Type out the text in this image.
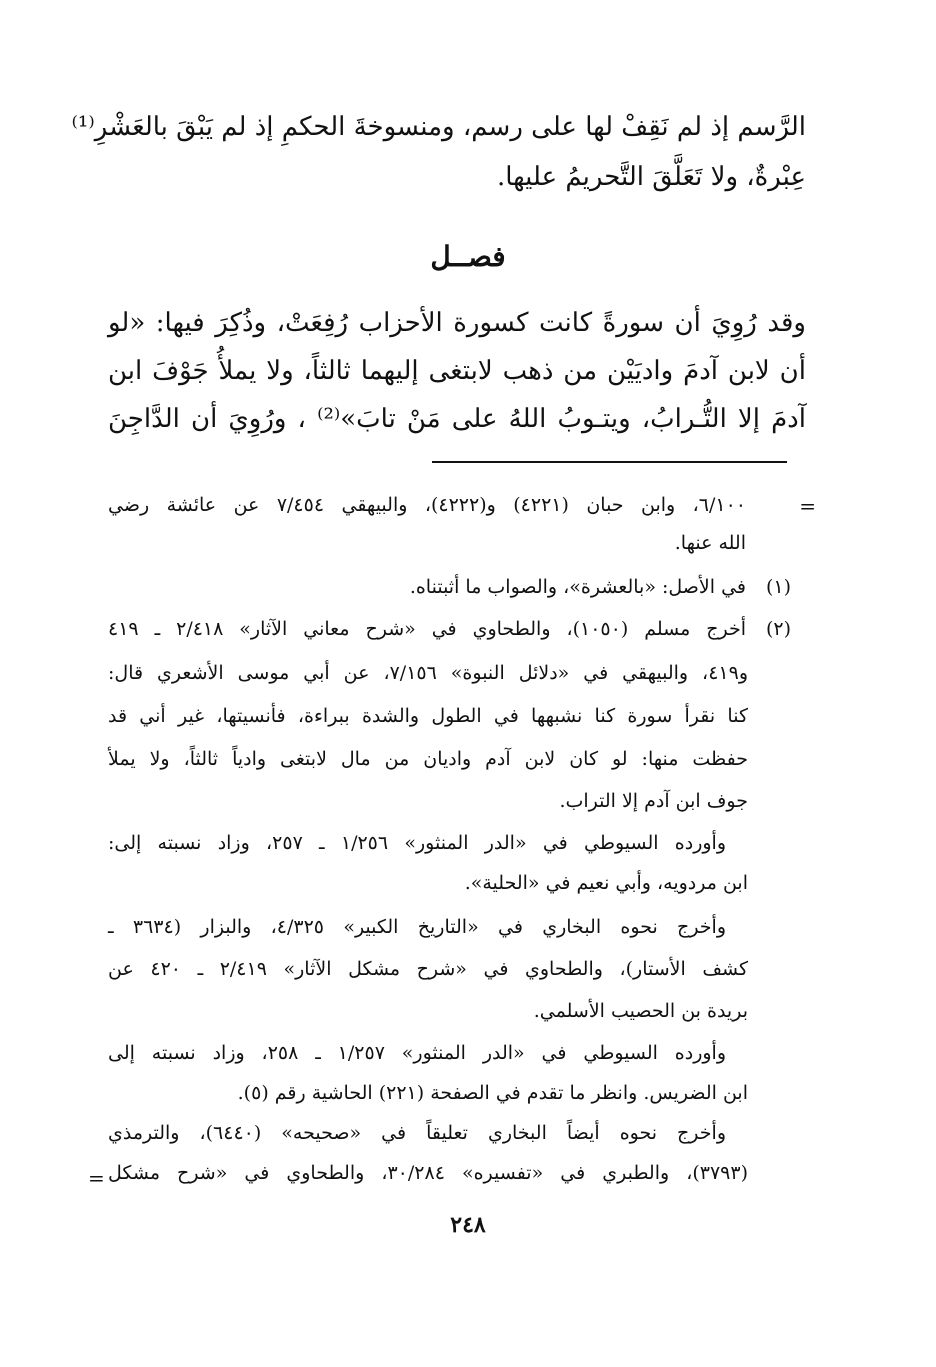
الرَّسم إذ لم نَقِفْ لها على رسم، ومنسوخةَ الحكمِ إذ لم يَبْقَ بالعَشْرِ⁽¹⁾
عِبْرةٌ، ولا تَعَلَّقَ التَّحريمُ عليها.
فصــل
وقد رُوِيَ أن سورةً كانت كسورة الأحزاب رُفِعَتْ، وذُكِرَ فيها: «لو
أن لابن آدمَ واديَيْن من ذهب لابتغى إليهما ثالثاً، ولا يملأُ جَوْفَ ابن
آدمَ إلا التُّـرابُ، ويتـوبُ اللهُ على مَنْ تابَ»⁽²⁾ ، ورُوِيَ أن الدَّاجِنَ
=
٦/١٠٠، وابن حبان (٤٢٢١) و(٤٢٢٢)، والبيهقي ٧/٤٥٤ عن عائشة رضي
الله عنها.
(١)
في الأصل: «بالعشرة»، والصواب ما أثبتناه.
(٢)
أخرج مسلم (١٠٥٠)، والطحاوي في «شرح معاني الآثار» ٢/٤١٨ ـ ٤١٩
و٤١٩، والبيهقي في «دلائل النبوة» ٧/١٥٦، عن أبي موسى الأشعري قال:
كنا نقرأ سورة كنا نشبهها في الطول والشدة ببراءة، فأنسيتها، غير أني قد
حفظت منها: لو كان لابن آدم واديان من مال لابتغى وادياً ثالثاً، ولا يملأ
جوف ابن آدم إلا التراب.
وأورده السيوطي في «الدر المنثور» ١/٢٥٦ ـ ٢٥٧، وزاد نسبته إلى:
ابن مردويه، وأبي نعيم في «الحلية».
وأخرج نحوه البخاري في «التاريخ الكبير» ٤/٣٢٥، والبزار (٣٦٣٤ ـ
كشف الأستار)، والطحاوي في «شرح مشكل الآثار» ٢/٤١٩ ـ ٤٢٠ عن
بريدة بن الحصيب الأسلمي.
وأورده السيوطي في «الدر المنثور» ١/٢٥٧ ـ ٢٥٨، وزاد نسبته إلى
ابن الضريس. وانظر ما تقدم في الصفحة (٢٢١) الحاشية رقم (٥).
وأخرج نحوه أيضاً البخاري تعليقاً في «صحيحه» (٦٤٤٠)، والترمذي
(٣٧٩٣)، والطبري في «تفسيره» ٣٠/٢٨٤، والطحاوي في «شرح مشكل
=
٢٤٨
